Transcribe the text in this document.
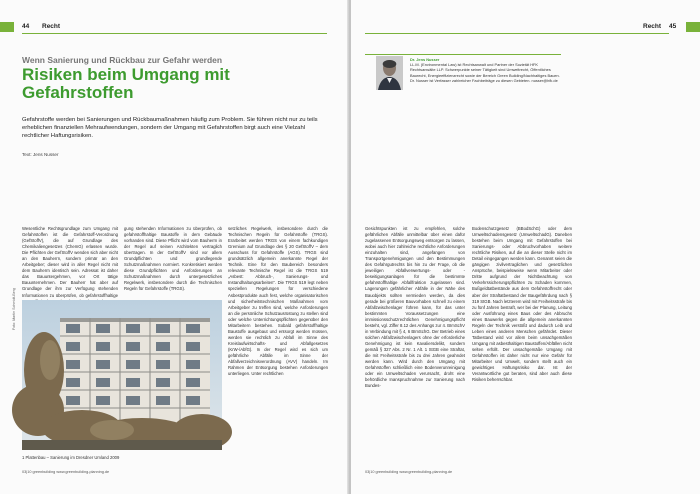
44 Recht
Wenn Sanierung und Rückbau zur Gefahr werden
Risiken beim Umgang mit Gefahrstoffen
Gefahrstoffe werden bei Sanierungen und Rückbaumaßnahmen häufig zum Problem. Sie führen nicht nur zu teils erheblichen finanziellen Mehraufwendungen, sondern der Umgang mit Gefahrstoffen birgt auch eine Vielzahl rechtlicher Haftungsrisiken.
Text: Jens Nusser
Wesentliche Rechtsgrundlage zum Umgang mit Gefahrstoffen ist die Gefahrstoff-Verordnung (GefStoffV), die auf Grundlage des Chemikaliengesetzes (ChemG) erlassen wurde. Die Pflichten der GefStoffV wenden sich aber nicht an den Bauherrn, sondern primär an den Arbeitgeber; dieser wird in aller Regel nicht mit dem Bauherrn identisch sein. Adressat ist daher das Bauuntergehmen, vor Ort tätige Bauunternehmen. Der Bauherr hat aber auf Grundlage der ihm zur Verfügung stehenden Informationen zu überprüfen, ob gefahrstoffhaltige
gung stehenden Informationen zu überprüfen, ob gefahrstoffhaltige Baustoffe in dem Gebäude vorhanden sind. Diese Pflicht wird vom Bauherrn in der Regel auf seinen Architekten vertraglich übertragen. In der GefStoffV sind vor allem Grundpflichten und grundlegende Schutzmaßnahmen normiert. Konkretisiert werden diese Grundpflichten und Anforderungen an Schutzmaßnahmen durch untergesetzliches Regelwerk, insbesondere durch die Technischen Regeln für Gefahrstoffe (TRGS).
setzliches Regelwerk, insbesondere durch die Technischen Regeln für Gefahrstoffe (TRGS). Erarbeitet werden TRGS von einem fachkundigen Gremium auf Grundlage des § 20 GefStoffV – dem Ausschuss für Gefahrstoffe (AGS). TRGS sind grundsätzlich allgemein anerkannte Regel der Technik. Eine für den Baubereich besonders relevante Technische Regel ist die TRGS 519 „Asbest: Abbruch-, Sanierungs- und Instandhaltungsarbeiten“. Die TRGS 519 legt neben speziellen Regelungen für verschiedene Asbestprodukte auch fest, welche organisatorischen und sicherheitstechnischen Maßnahmen vom Arbeitgeber zu treffen sind, welche Anforderungen an die persönliche Schutzausrüstung zu stellen sind oder welche Unterrichtungspflichten gegenüber den Mitarbeitern bestehen. Sobald gefahrstoffhaltige Baustoffe ausgebaut und entsorgt werden müssen, werden sie rechtlich zu Abfall im Sinne des Kreislaufwirtschafts- und Abfallgesetzes (KrW-/AbfG). In der Regel wird es sich um gefährliche Abfälle im Sinne der Abfallverzeichnisverordnung (AVV) handeln. Im Rahmen der Entsorgung bestehen Anforderungen unterliegen. Unter rechtlichen
Foto: Martin Schmidt-Berg
1 Plattenbau – Sanierung im Dresdner Umland 2009
03|10 greenbuilding www.greenbuilding-planning.de
Recht 45
Dr. Jens Nusser
LL.M. (Environmental Law) ist Rechtsanwalt und Partner der Sozietät HFK Rechtsanwälte LLP. Schwerpunkte seiner Tätigkeit sind Umweltrecht, Öffentliches Baurecht, Energieeffizienzrecht sowie der Bereich Green Building/Nachhaltiges Bauen. Dr. Nusser ist Verfasser zahlreicher Fachbeiträge zu diesen Gebieten. nusser@hfk.de
Gesichtspunkten ist zu empfehlen, solche gefährlichen Abfälle unmittelbar über einen dafür zugelassenen Entsorgungsweg entsorgen zu lassen, wobei auch hier zahlreiche rechtliche Anforderungen einzuhalten sind, angefangen von Transportgenehmigungen und den Bestimmungen des Gefahrgutrechts bis hin zu der Frage, ob die jeweiligen Abfallverwertungs- oder -beseitigungsanlagen für die bestimmte gefahrstoffhaltige Abfallfraktion zugelassen sind. Lagerungen gefährlicher Abfälle in der Nähe des Bauobjekts sollten vermieden werden, da dies gerade bei größeren Bauvorhaben schnell zu einem Abfallzwischenlager führen kann, für das unter bestimmten Voraussetzungen eine immissionsschutzrechtlichen Genehmigungspflicht besteht, vgl. Ziffer 8.12 des Anhangs zur 4. BImSchV in Verbindung mit § 4, 6 BImSchG. Der Betrieb eines solchen Abfallzwischenlagers ohne der erforderliche Genehmigung ist kein Kavaliersdelikt, sondern gemäß § 327 Abs. 2 Nr. 1 Alt. 1 StGB eine Straftat, die mit Freiheitsstrafe bis zu drei Jahren geahndet werden kann. Wird durch den Umgang mit Gefahrstoffen schließlich eine Bodenverunreinigung oder ein Umweltschaden verursacht, droht eine behördliche Inanspruchnahme zur Sanierung nach Bundes-
Bodenschutzgesetz (BBodSchG) oder dem Umweltschadensgesetz (UmweltschadG). Daneben bestehen beim Umgang mit Gefahrstoffen bei Sanierungs- oder Abbruchvorhaben weitere rechtliche Risiken, auf die an dieser Stelle nicht im Detail eingegangen werden kann. Genannt seien die gängigen zivilvertraglichen und gesetzlichen Ansprüche, beispielsweise wenn Mitarbeiter oder Dritte aufgrund der Nichtbeachtung von Verkehrssicherungspflichten zu Schaden kommen, Bußgeldtatbestände aus dem Gefahrstoffrecht oder aber der Straftatbestand der Baugefährdung nach § 319 StGB. Nach letzterem wird mit Freiheitsstrafe bis zu fünf Jahren bestraft, wer bei der Planung, Leitung oder Ausführung eines Baus oder des Abbruchs eines Bauwerks gegen die allgemein anerkannten Regeln der Technik verstößt und dadurch Leib und Leben eines anderen Menschen gefährdet. Dieser Tatbestand wird vor allem beim unsachgemäßen Umgang mit asbesthaltigen Baustoffen/Abfällen nicht selten erfüllt. Der unsachgemäße Umgang mit Gefahrstoffen ist daher nicht nur eine Gefahr für Mitarbeiter und Umwelt, sondern stellt auch ein gewichtiges Haftungsrisiko dar. Ist der Verantwortliche gut beraten, sind aber auch diese Risiken beherrschbar.
03|10 greenbuilding www.greenbuilding-planning.de
